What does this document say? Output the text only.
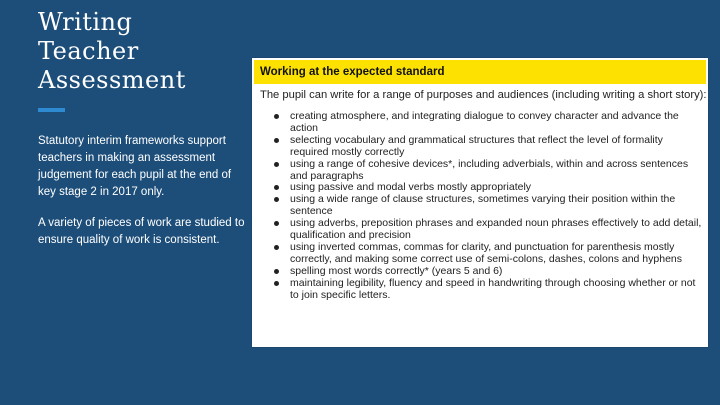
Writing
Teacher
Assessment
Statutory interim frameworks support teachers in making an assessment judgement for each pupil at the end of key stage 2 in 2017 only.
A variety of pieces of work are studied to ensure quality of work is consistent.
Working at the expected standard
The pupil can write for a range of purposes and audiences (including writing a short story):
creating atmosphere, and integrating dialogue to convey character and advance the action
selecting vocabulary and grammatical structures that reflect the level of formality required mostly correctly
using a range of cohesive devices*, including adverbials, within and across sentences and paragraphs
using passive and modal verbs mostly appropriately
using a wide range of clause structures, sometimes varying their position within the sentence
using adverbs, preposition phrases and expanded noun phrases effectively to add detail, qualification and precision
using inverted commas, commas for clarity, and punctuation for parenthesis mostly correctly, and making some correct use of semi-colons, dashes, colons and hyphens
spelling most words correctly* (years 5 and 6)
maintaining legibility, fluency and speed in handwriting through choosing whether or not to join specific letters.
